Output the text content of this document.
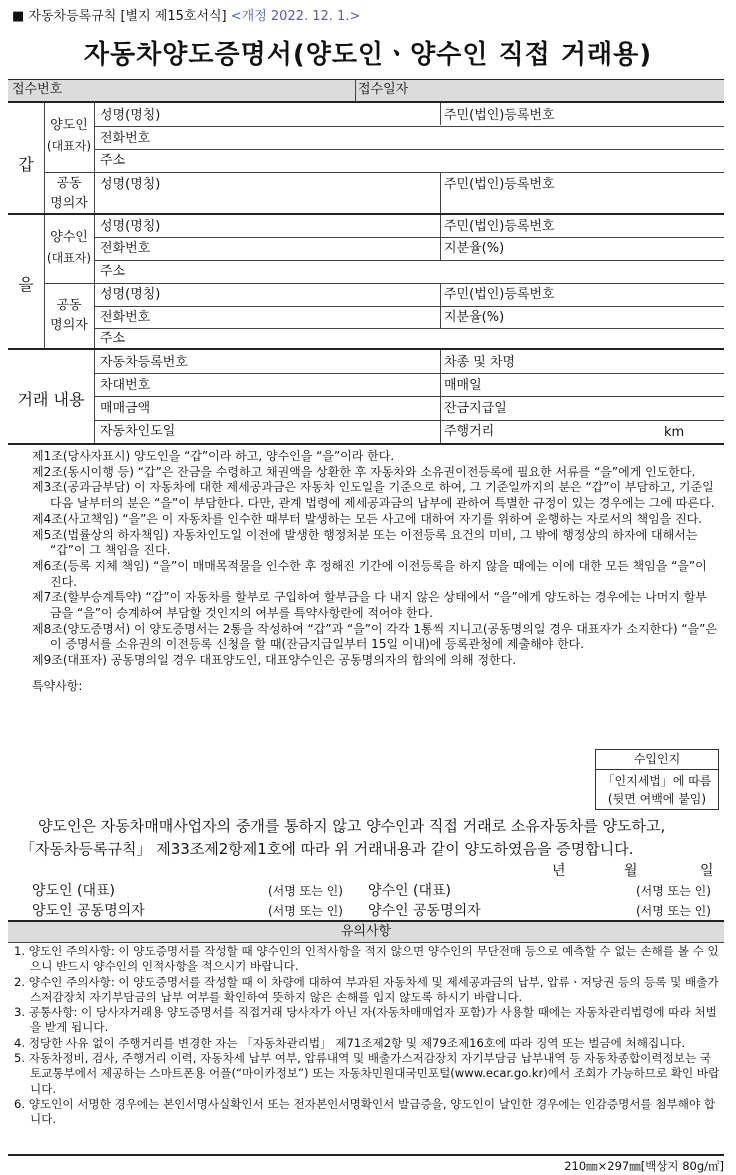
■ 자동차등록규칙 [별지 제15호서식] <개정 2022. 12. 1.>
자동차양도증명서(양도인ㆍ양수인 직접 거래용)
접수번호	접수일자
갑
양도인
(대표자)
성명(명칭)	주민(법인)등록번호
전화번호
주소
공동
명의자
성명(명칭)	주민(법인)등록번호
을
양수인
(대표자)
성명(명칭)	주민(법인)등록번호
전화번호	지분율(%)
주소
공동
명의자
성명(명칭)	주민(법인)등록번호
전화번호	지분율(%)
주소
거래 내용
자동차등록번호	차종 및 차명
차대번호	매매일
매매금액	잔금지급일
자동차인도일	주행거리	km

제1조(당사자표시) 양도인을 “갑”이라 하고, 양수인을 “을”이라 한다.

제2조(동시이행 등) “갑”은 잔금을 수령하고 채권액을 상환한 후 자동차와 소유권이전등록에 필요한 서류를 “을”에게 인도한다.

제3조(공과금부담) 이 자동차에 대한 제세공과금은 자동차 인도일을 기준으로 하여, 그 기준일까지의 분은 “갑”이 부담하고, 기준일 다음 날부터의 분은 “을”이 부담한다. 다만, 관계 법령에 제세공과금의 납부에 관하여 특별한 규정이 있는 경우에는 그에 따른다.

제4조(사고책임) “을”은 이 자동차를 인수한 때부터 발생하는 모든 사고에 대하여 자기를 위하여 운행하는 자로서의 책임을 진다.

제5조(법률상의 하자책임) 자동차인도일 이전에 발생한 행정처분 또는 이전등록 요건의 미비, 그 밖에 행정상의 하자에 대해서는 “갑”이 그 책임을 진다.

제6조(등록 지체 책임) “을”이 매매목적물을 인수한 후 정해진 기간에 이전등록을 하지 않을 때에는 이에 대한 모든 책임을 “을”이 진다.

제7조(할부승계특약) “갑”이 자동차를 할부로 구입하여 할부금을 다 내지 않은 상태에서 “을”에게 양도하는 경우에는 나머지 할부금을 “을”이 승계하여 부담할 것인지의 여부를 특약사항란에 적어야 한다.

제8조(양도증명서) 이 양도증명서는 2통을 작성하여 “갑”과 “을”이 각각 1통씩 지니고(공동명의일 경우 대표자가 소지한다) “을”은 이 증명서를 소유권의 이전등록 신청을 할 때(잔금지급일부터 15일 이내)에 등록관청에 제출해야 한다.

제9조(대표자) 공동명의일 경우 대표양도인, 대표양수인은 공동명의자의 합의에 의해 정한다.

특약사항:

수입인지
「인지세법」에 따름
(뒷면 여백에 붙임)
양도인은 자동차매매사업자의 중개를 통하지 않고 양수인과 직접 거래로 소유자동차를 양도하고,
「자동차등록규칙」 제33조제2항제1호에 따라 위 거래내용과 같이 양도하였음을 증명합니다.
년	월	일
양도인 (대표)	(서명 또는 인) 양수인 (대표)	(서명 또는 인)
양도인 공동명의자	(서명 또는 인) 양수인 공동명의자	(서명 또는 인)
유의사항

1. 양도인 주의사항: 이 양도증명서를 작성할 때 양수인의 인적사항을 적지 않으면 양수인의 무단전매 등으로 예측할 수 없는 손해를 볼 수 있으니 반드시 양수인의 인적사항을 적으시기 바랍니다.

2. 양수인 주의사항: 이 양도증명서를 작성할 때 이 차량에 대하여 부과된 자동차세 및 제세공과금의 납부, 압류ㆍ저당권 등의 등록 및 배출가스저감장치 자기부담금의 납부 여부를 확인하여 뜻하지 않은 손해를 입지 않도록 하시기 바랍니다.

3. 공통사항: 이 당사자거래용 양도증명서를 직접거래 당사자가 아닌 자(자동차매매업자 포함)가 사용할 때에는 자동차관리법령에 따라 처벌을 받게 됩니다.

4. 정당한 사유 없이 주행거리를 변경한 자는 「자동차관리법」 제71조제2항 및 제79조제16호에 따라 징역 또는 벌금에 처해집니다.

5. 자동차정비, 검사, 주행거리 이력, 자동차세 납부 여부, 압류내역 및 배출가스저감장치 자기부담금 납부내역 등 자동차종합이력정보는 국토교통부에서 제공하는 스마트폰용 어플(“마이카정보”) 또는 자동차민원대국민포털(www.ecar.go.kr)에서 조회가 가능하므로 확인 바랍니다.

6. 양도인이 서명한 경우에는 본인서명사실확인서 또는 전자본인서명확인서 발급증을, 양도인이 날인한 경우에는 인감증명서를 첨부해야 합니다.

210㎜×297㎜[백상지 80g/㎡]
